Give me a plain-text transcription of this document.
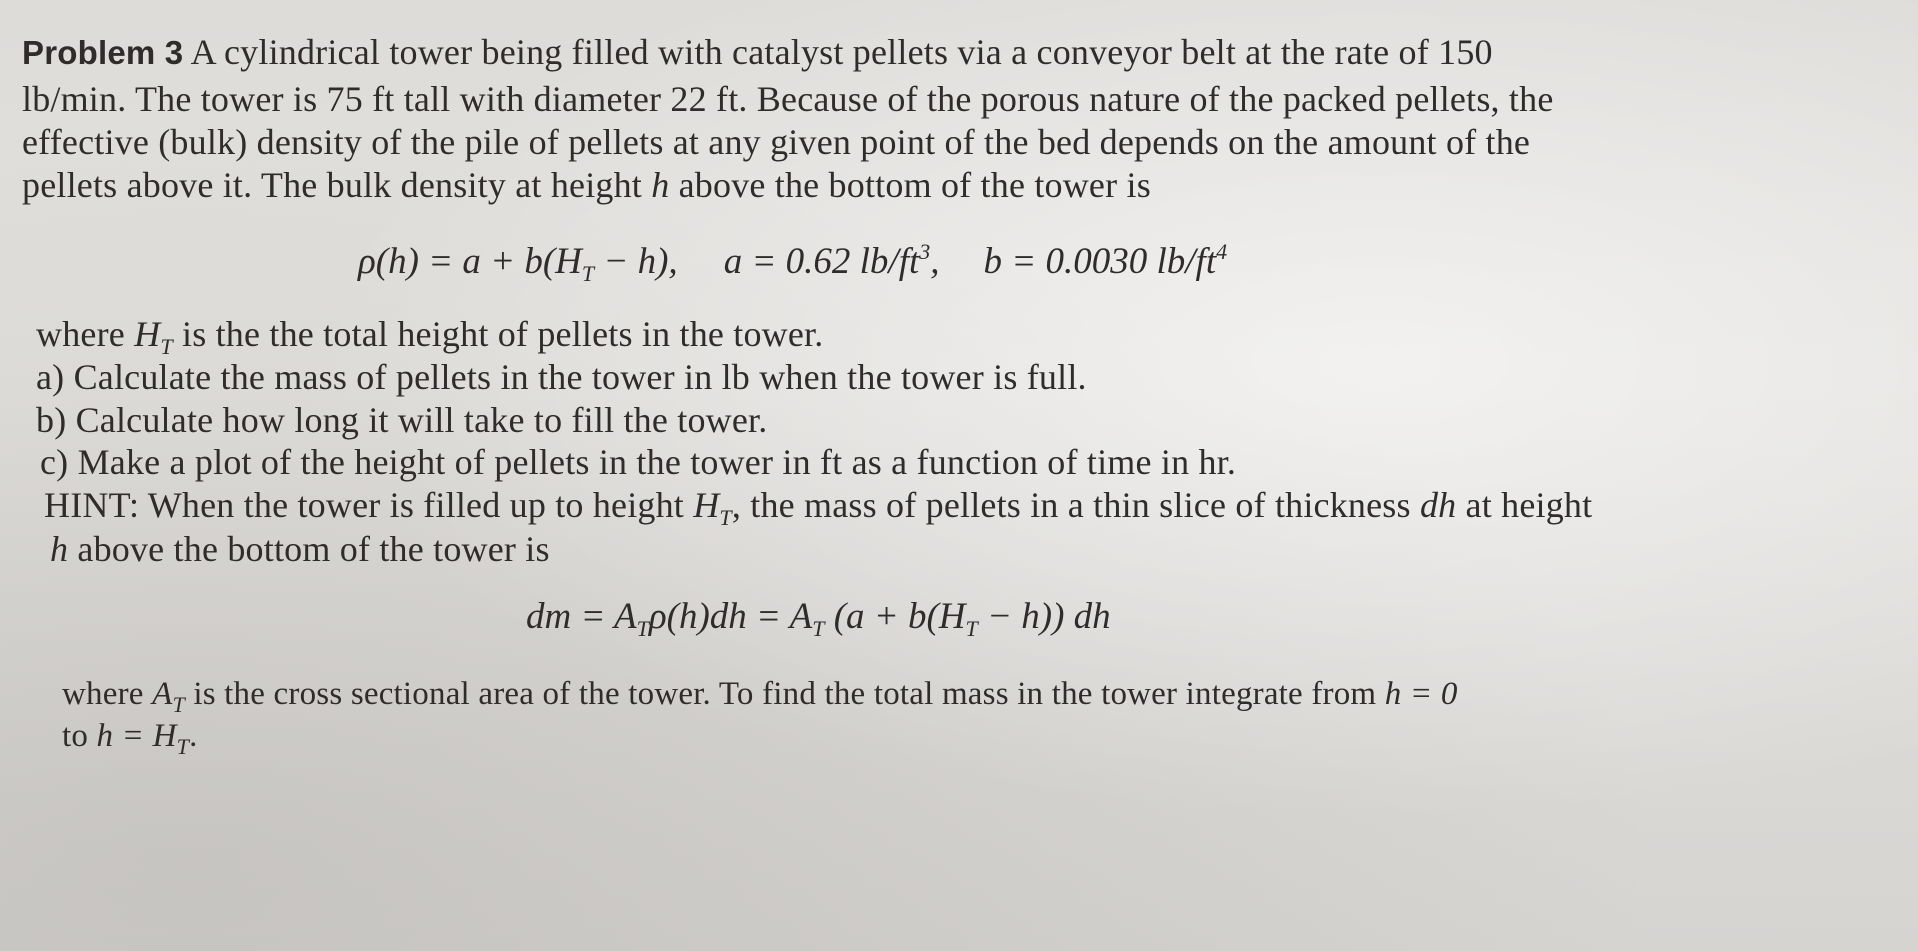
Problem 3 A cylindrical tower being filled with catalyst pellets via a conveyor belt at the rate of 150
lb/min. The tower is 75 ft tall with diameter 22 ft. Because of the porous nature of the packed pellets, the
effective (bulk) density of the pile of pellets at any given point of the bed depends on the amount of the
pellets above it. The bulk density at height h above the bottom of the tower is
$\rho(h) = a + b(H_T - h)$, a = 0.62 $lb/ft^3$, b = 0.0030 $lb/ft^4$
where $H_T$ is the the total height of pellets in the tower.
a) Calculate the mass of pellets in the tower in lb when the tower is full.
b) Calculate how long it will take to fill the tower.
c) Make a plot of the height of pellets in the tower in ft as a function of time in hr.
HINT: When the tower is filled up to height $H_T$, the mass of pellets in a thin slice of thickness dh at height
h above the bottom of the tower is
dm = $A_T\rho(h)dh = A_T$ $(a + b(H_T - h))$ dh
where $A_T$ is the cross sectional area of the tower. To find the total mass in the tower integrate from h = 0
to $h = H_T$.
